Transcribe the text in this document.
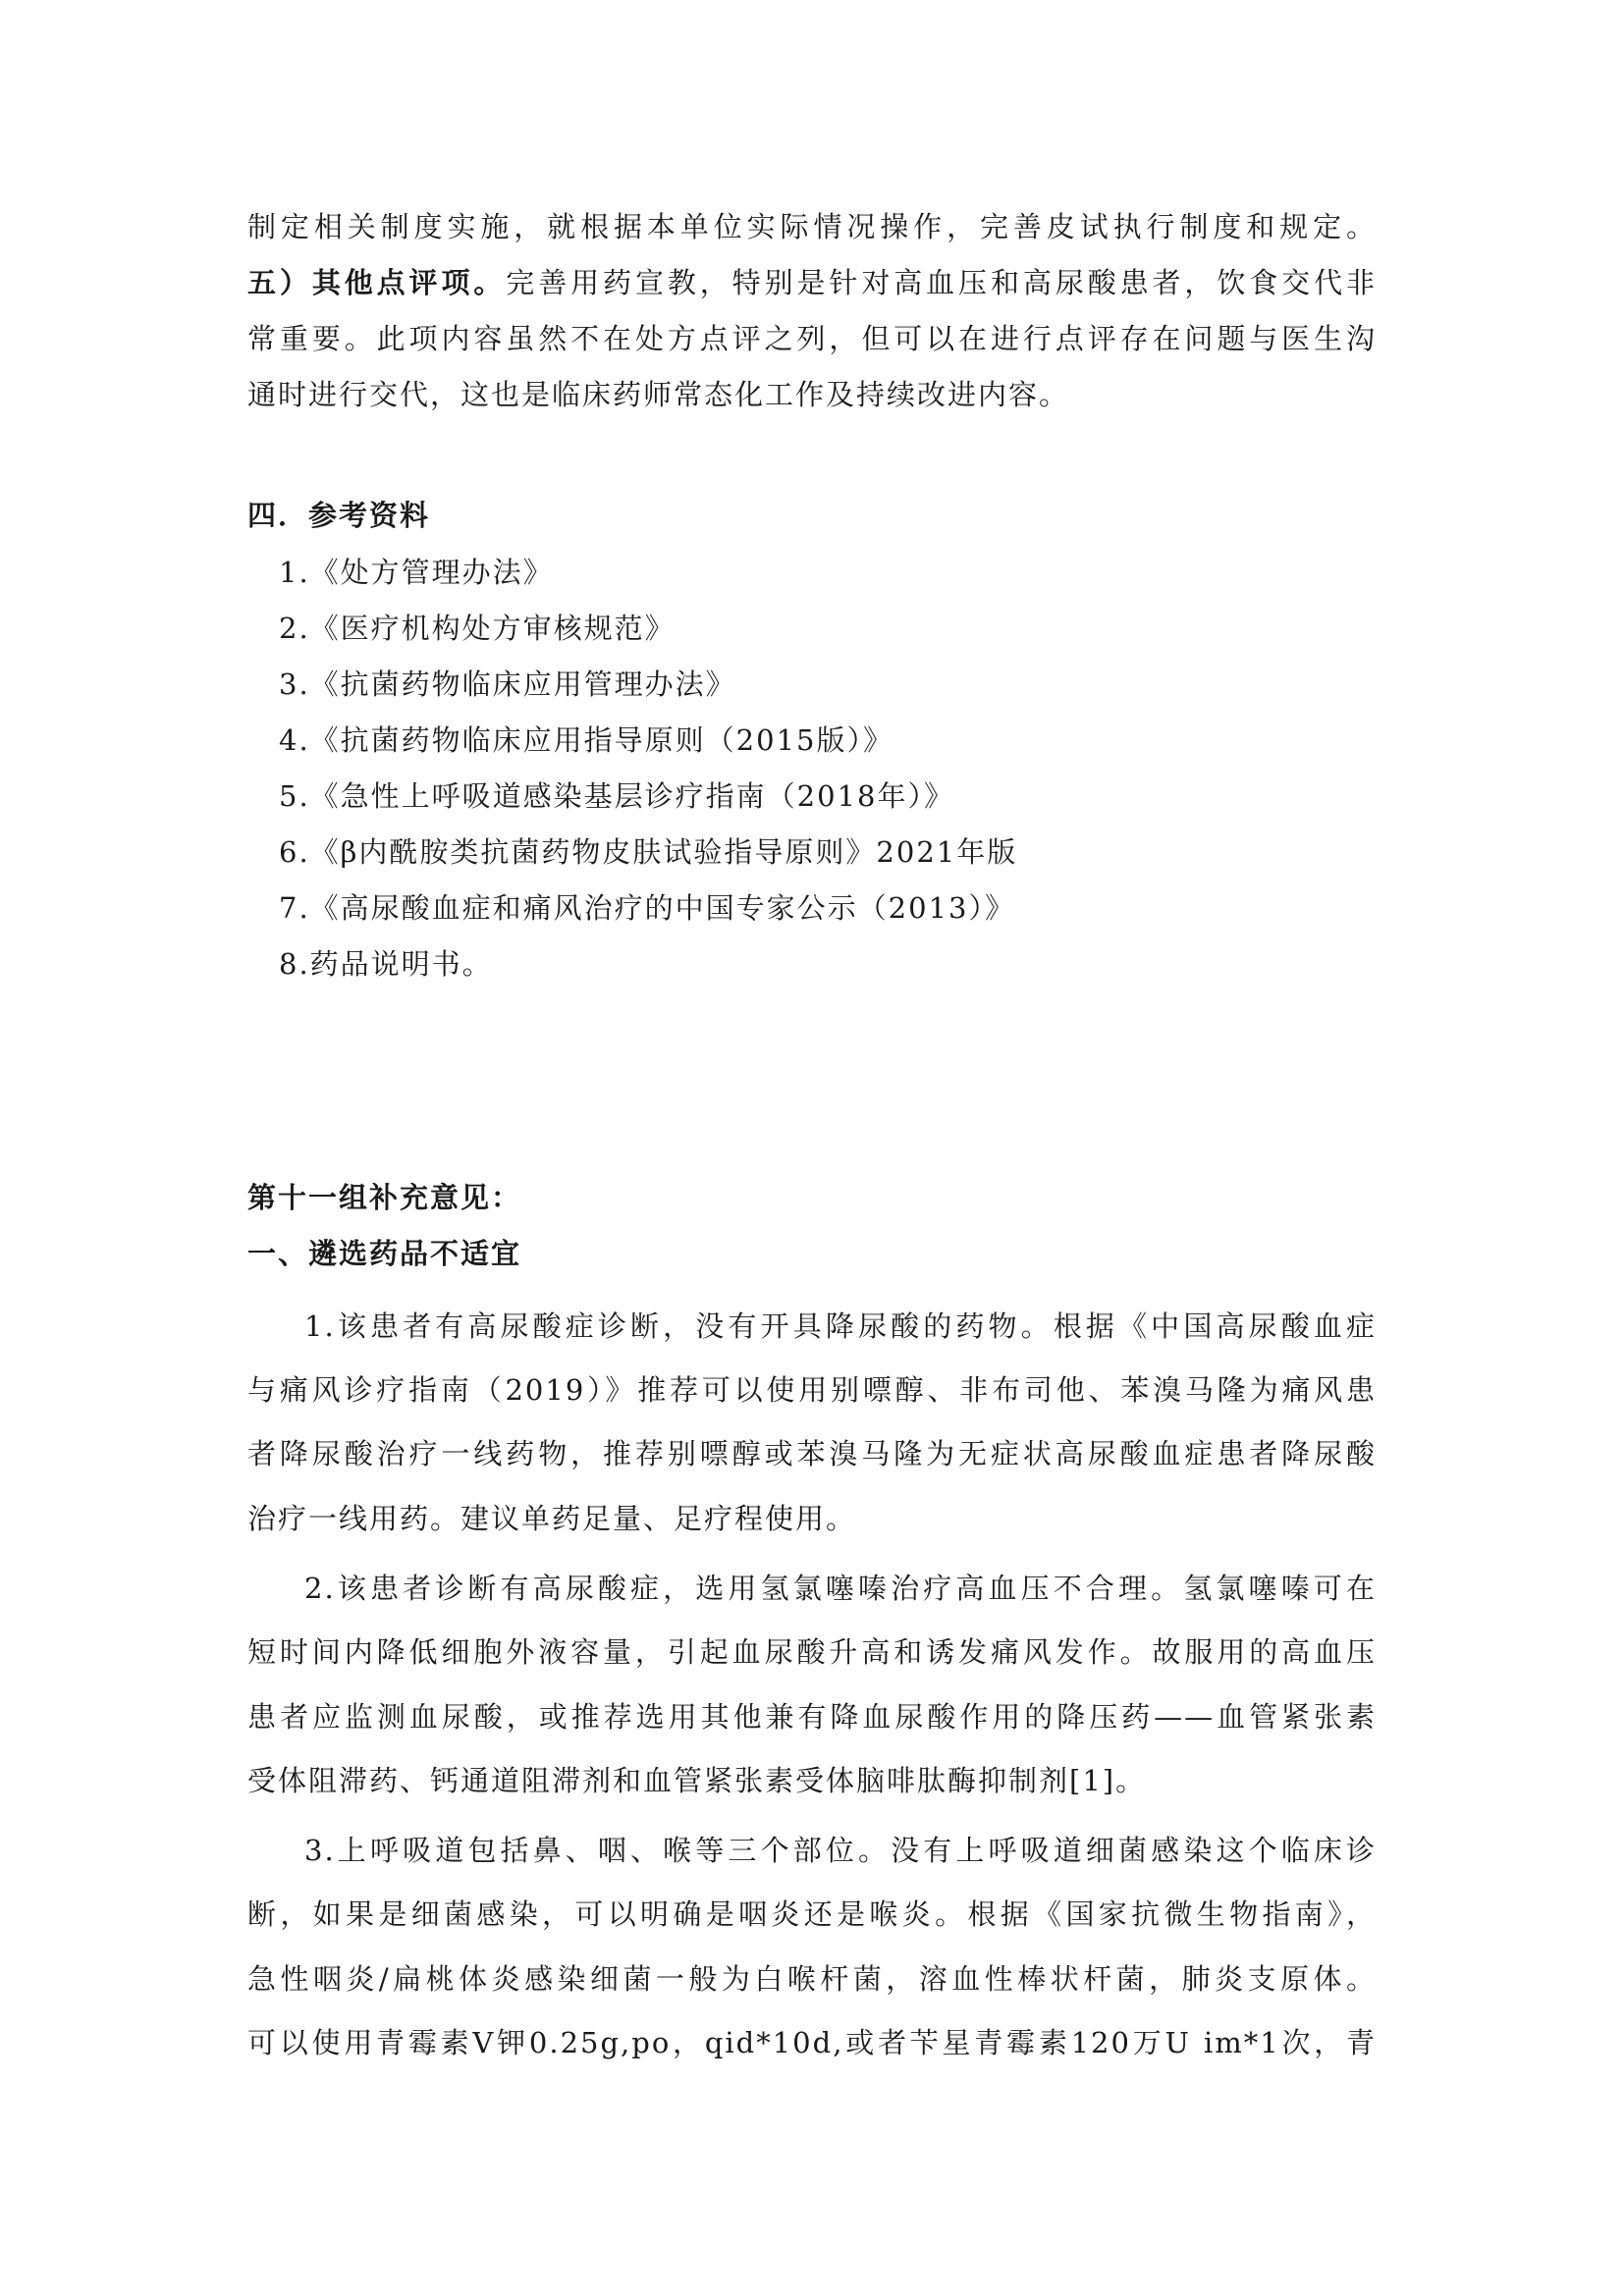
制定相关制度实施，就根据本单位实际情况操作，完善皮试执行制度和规定。
五）其他点评项。完善用药宣教，特别是针对高血压和高尿酸患者，饮食交代非
常重要。此项内容虽然不在处方点评之列，但可以在进行点评存在问题与医生沟
通时进行交代，这也是临床药师常态化工作及持续改进内容。
四．参考资料
1.《处方管理办法》
2.《医疗机构处方审核规范》
3.《抗菌药物临床应用管理办法》
4.《抗菌药物临床应用指导原则（2015版）》
5.《急性上呼吸道感染基层诊疗指南（2018年）》
6.《β内酰胺类抗菌药物皮肤试验指导原则》2021年版
7.《高尿酸血症和痛风治疗的中国专家公示（2013）》
8.药品说明书。
第十一组补充意见：
一、遴选药品不适宜
1.该患者有高尿酸症诊断，没有开具降尿酸的药物。根据《中国高尿酸血症
与痛风诊疗指南（2019）》推荐可以使用别嘌醇、非布司他、苯溴马隆为痛风患
者降尿酸治疗一线药物，推荐别嘌醇或苯溴马隆为无症状高尿酸血症患者降尿酸
治疗一线用药。建议单药足量、足疗程使用。
2.该患者诊断有高尿酸症，选用氢氯噻嗪治疗高血压不合理。氢氯噻嗪可在
短时间内降低细胞外液容量，引起血尿酸升高和诱发痛风发作。故服用的高血压
患者应监测血尿酸，或推荐选用其他兼有降血尿酸作用的降压药——血管紧张素
受体阻滞药、钙通道阻滞剂和血管紧张素受体脑啡肽酶抑制剂[1]。
3.上呼吸道包括鼻、咽、喉等三个部位。没有上呼吸道细菌感染这个临床诊
断，如果是细菌感染，可以明确是咽炎还是喉炎。根据《国家抗微生物指南》，
急性咽炎/扁桃体炎感染细菌一般为白喉杆菌，溶血性棒状杆菌，肺炎支原体。
可以使用青霉素V钾0.25g,po，qid*10d,或者苄星青霉素120万U im*1次，青
